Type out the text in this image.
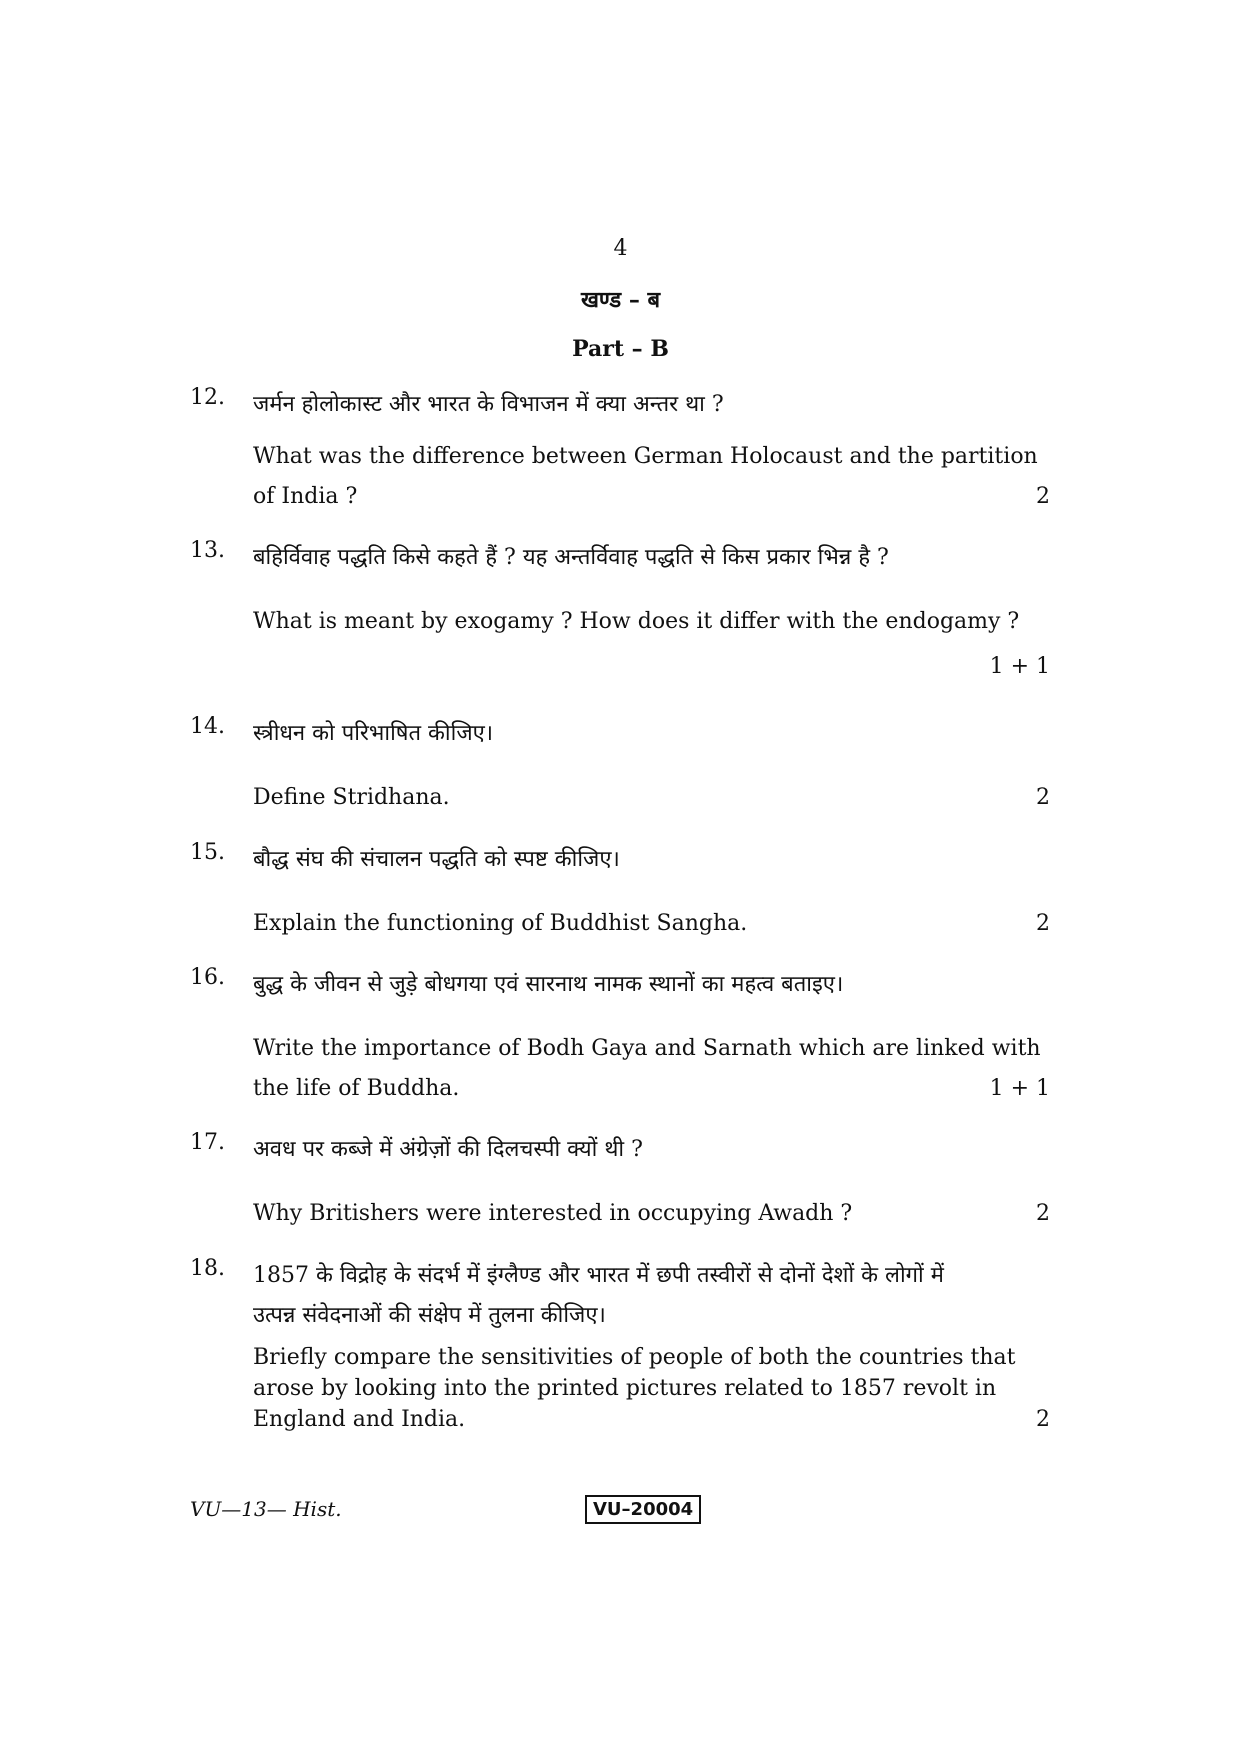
4
खण्ड – ब
Part – B
12. जर्मन होलोकास्ट और भारत के विभाजन में क्या अन्तर था ?

What was the difference between German Holocaust and the partition

of India ?	2
13. बहिर्विवाह पद्धति किसे कहते हैं ? यह अन्तर्विवाह पद्धति से किस प्रकार भिन्न है ?

What is meant by exogamy ? How does it differ with the endogamy ?

1 + 1
14. स्त्रीधन को परिभाषित कीजिए।

Define Stridhana.	2
15. बौद्ध संघ की संचालन पद्धति को स्पष्ट कीजिए।

Explain the functioning of Buddhist Sangha.	2
16. बुद्ध के जीवन से जुड़े बोधगया एवं सारनाथ नामक स्थानों का महत्व बताइए।

Write the importance of Bodh Gaya and Sarnath which are linked with

the life of Buddha.	1 + 1
17. अवध पर कब्जे में अंग्रेज़ों की दिलचस्पी क्यों थी ?

Why Britishers were interested in occupying Awadh ?	2
18. 1857 के विद्रोह के संदर्भ में इंग्लैण्ड और भारत में छपी तस्वीरों से दोनों देशों के लोगों में

उत्पन्न संवेदनाओं की संक्षेप में तुलना कीजिए।

Briefly compare the sensitivities of people of both the countries that

arose by looking into the printed pictures related to 1857 revolt in

England and India.	2
VU—13— Hist.	VU–20004
